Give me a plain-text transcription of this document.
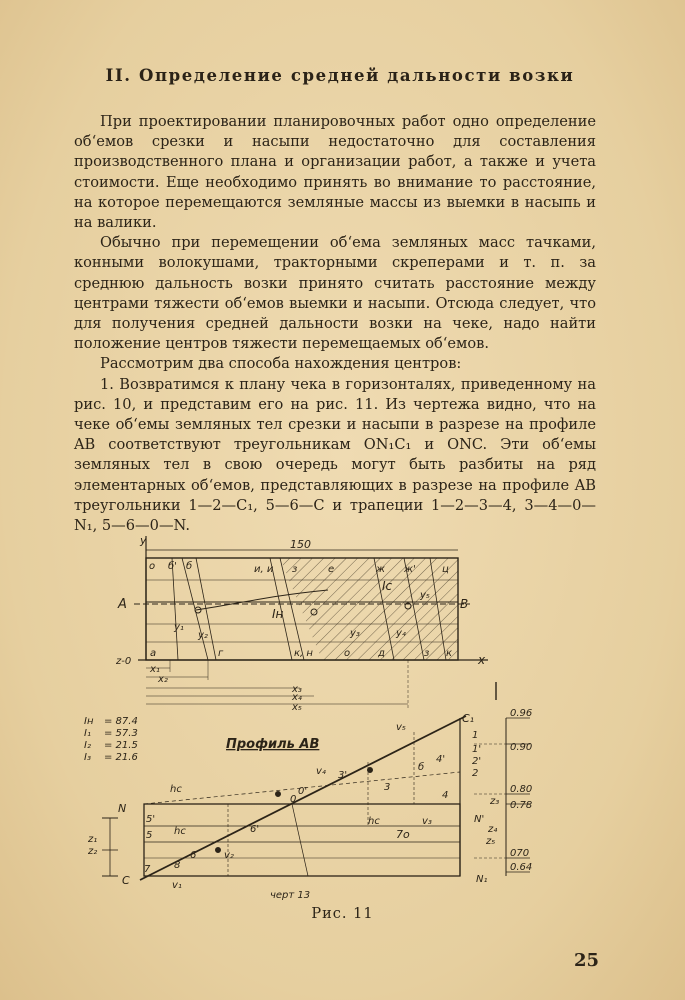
II. Определение средней дальности возки

При проектировании планировочных работ одно определение об‘емов срезки и насыпи недостаточно для составления производственного плана и организации работ, а также и учета стоимости. Еще необходимо принять во внимание то расстояние, на которое перемещаются земляные массы из выемки в насыпь и на валики.

Обычно при перемещении об‘ема земляных масс тачками, конными волокушами, тракторными скреперами и т. п. за среднюю дальность возки принято считать расстояние между центрами тяжести об‘емов выемки и насыпи. Отсюда следует, что для получения средней дальности возки на чеке, надо найти положение центров тяжести перемещаемых об‘емов.

Рассмотрим два способа нахождения центров:

1. Возвратимся к плану чека в горизонталях, приведенному на рис. 10, и представим его на рис. 11. Из чертежа видно, что на чеке об‘емы земляных тел срезки и насыпи в разрезе на профиле AB соответствуют треугольникам ON₁C₁ и ONC. Эти об‘емы земляных тел в свою очередь могут быть разбиты на ряд элементарных об‘емов, представляющих в разрезе на профиле AB треугольники 1—2—C₁, 5—6—C и трапеции 1—2—3—4, 3—4—0—N₁, 5—6—0—N.

y	150
A	B
z-0	x
о б' б	и, и з	е	ж ж'	ц
а	г	к, н	о	д	з к
y₁
y₂	y₃	y₄
y₅
Iн
Iс
x₁
x₂
x₃
x₄
x₅
Iн = 87.4
I₁ = 57.3
I₂ = 21.5
I₃ = 21.6
Профиль AB
C₁
N
5'
C
0
0'
3'
5
6'
4'
3
4
8
6
7
7o
1
hc
hс
hс
v₁
v₂
v₃
v₄
v₅
z₁
z₂
z₃
z₄
z₅
N'
N₁
2
1'
2'
б
0.96
0.90
0.80
0.78
070
0.64
черт 13
Рис. 11
25
